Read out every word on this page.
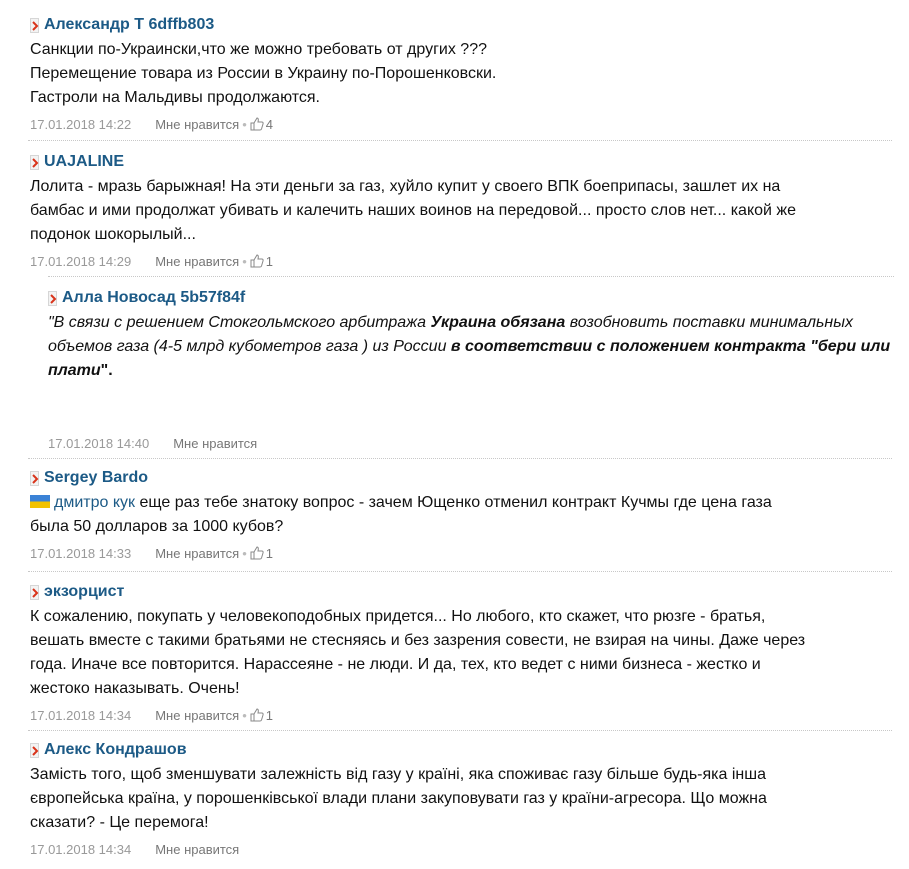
Александр Т 6dffb803
Санкции по-Украински,что же можно требовать от других ???
Перемещение товара из России в Украину по-Порошенковски.
Гастроли на Мальдивы продолжаются.
17.01.2018 14:22 Мне нравится • 4
UAJALINE
Лолита - мразь барыжная! На эти деньги за газ, хуйло купит у своего ВПК боеприпасы, зашлет их на
бамбас и ими продолжат убивать и калечить наших воинов на передовой... просто слов нет... какой же
подонок шокорылый...
17.01.2018 14:29 Мне нравится • 1
Алла Новосад 5b57f84f
"В связи с решением Стокгольмского арбитража Украина обязана возобновить поставки минимальных объемов газа (4-5 млрд кубометров газа ) из России в соответствии с положением контракта "бери или плати".
17.01.2018 14:40 Мне нравится
Sergey Bardo
дмитро кук еще раз тебе знатоку вопрос - зачем Ющенко отменил контракт Кучмы где цена газа
была 50 долларов за 1000 кубов?
17.01.2018 14:33 Мне нравится • 1
экзорцист
К сожалению, покупать у человекоподобных придется... Но любого, кто скажет, что рюзге - братья,
вешать вместе с такими братьями не стесняясь и без зазрения совести, не взирая на чины. Даже через
года. Иначе все повторится. Нарассеяне - не люди. И да, тех, кто ведет с ними бизнеса - жестко и
жестоко наказывать. Очень!
17.01.2018 14:34 Мне нравится • 1
Алекс Кондрашов
Замість того, щоб зменшувати залежність від газу у країні, яка споживає газу більше будь-яка інша
європейська країна, у порошенківської влади плани закуповувати газ у країни-агресора. Що можна
сказати? - Це перемога!
17.01.2018 14:34 Мне нравится
